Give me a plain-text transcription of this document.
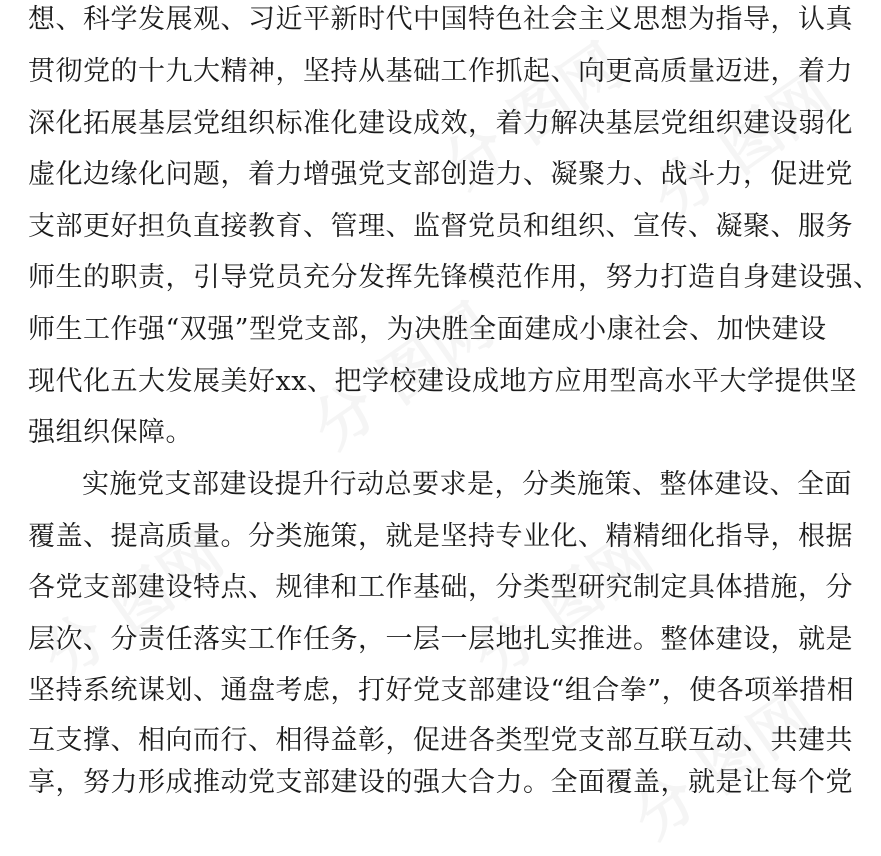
分 图网 分 图网
分 图网
分 图网	分 图网
分 图网
想、科学发展观、习近平新时代中国特色社会主义思想为指导，认真
贯彻党的十九大精神，坚持从基础工作抓起、向更高质量迈进，着力
深化拓展基层党组织标准化建设成效，着力解决基层党组织建设弱化
虚化边缘化问题，着力增强党支部创造力、凝聚力、战斗力，促进党
支部更好担负直接教育、管理、监督党员和组织、宣传、凝聚、服务
师生的职责，引导党员充分发挥先锋模范作用，努力打造自身建设强、
师生工作强“双强”型党支部，为决胜全面建成小康社会、加快建设
现代化五大发展美好xx、把学校建设成地方应用型高水平大学提供坚
强组织保障。
实施党支部建设提升行动总要求是，分类施策、整体建设、全面
覆盖、提高质量。分类施策，就是坚持专业化、精精细化指导，根据
各党支部建设特点、规律和工作基础，分类型研究制定具体措施，分
层次、分责任落实工作任务，一层一层地扎实推进。整体建设，就是
坚持系统谋划、通盘考虑，打好党支部建设“组合拳”，使各项举措相
互支撑、相向而行、相得益彰，促进各类型党支部互联互动、共建共
享，努力形成推动党支部建设的强大合力。全面覆盖，就是让每个党
